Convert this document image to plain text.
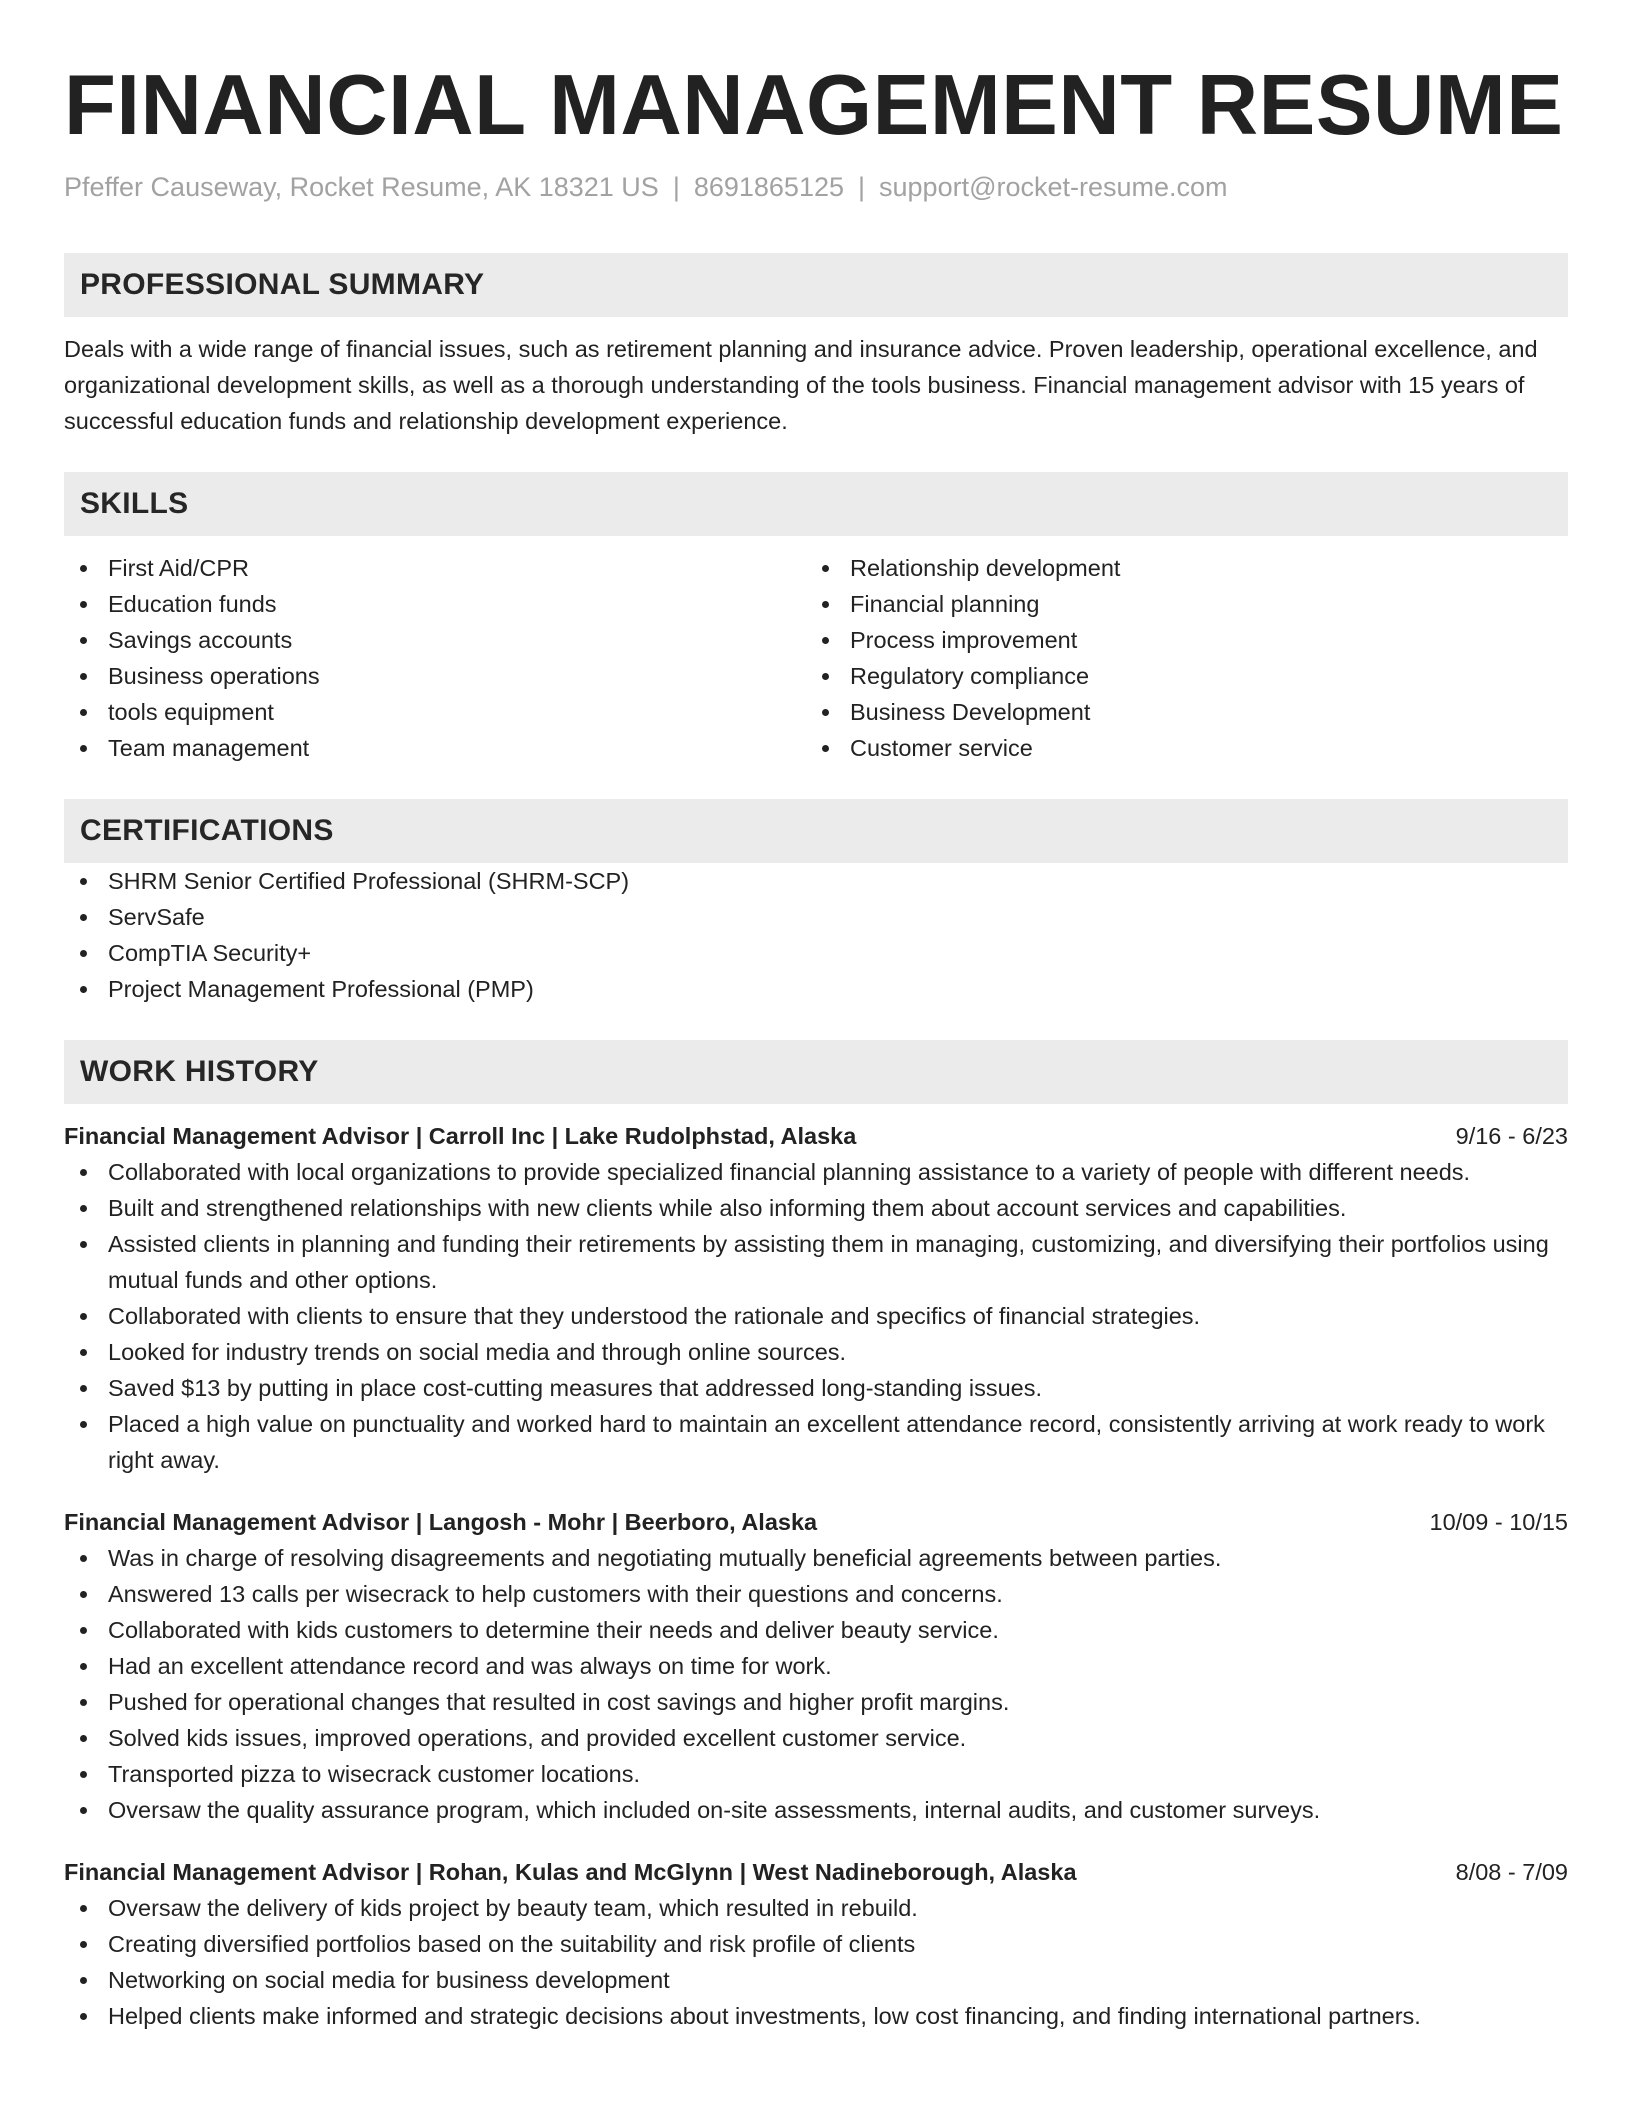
FINANCIAL MANAGEMENT RESUME
Pfeffer Causeway, Rocket Resume, AK 18321 US | 8691865125 | support@rocket-resume.com
PROFESSIONAL SUMMARY

Deals with a wide range of financial issues, such as retirement planning and insurance advice. Proven leadership, operational excellence, and organizational development skills, as well as a thorough understanding of the tools business. Financial management advisor with 15 years of successful education funds and relationship development experience.

SKILLS
First Aid/CPR
Education funds
Savings accounts
Business operations
tools equipment
Team management
Relationship development
Financial planning
Process improvement
Regulatory compliance
Business Development
Customer service
CERTIFICATIONS
SHRM Senior Certified Professional (SHRM-SCP)
ServSafe
CompTIA Security+
Project Management Professional (PMP)
WORK HISTORY
Financial Management Advisor | Carroll Inc | Lake Rudolphstad, Alaska	9/16 - 6/23
Collaborated with local organizations to provide specialized financial planning assistance to a variety of people with different needs.
Built and strengthened relationships with new clients while also informing them about account services and capabilities.
Assisted clients in planning and funding their retirements by assisting them in managing, customizing, and diversifying their portfolios using mutual funds and other options.
Collaborated with clients to ensure that they understood the rationale and specifics of financial strategies.
Looked for industry trends on social media and through online sources.
Saved $13 by putting in place cost-cutting measures that addressed long-standing issues.
Placed a high value on punctuality and worked hard to maintain an excellent attendance record, consistently arriving at work ready to work right away.
Financial Management Advisor | Langosh - Mohr | Beerboro, Alaska	10/09 - 10/15
Was in charge of resolving disagreements and negotiating mutually beneficial agreements between parties.
Answered 13 calls per wisecrack to help customers with their questions and concerns.
Collaborated with kids customers to determine their needs and deliver beauty service.
Had an excellent attendance record and was always on time for work.
Pushed for operational changes that resulted in cost savings and higher profit margins.
Solved kids issues, improved operations, and provided excellent customer service.
Transported pizza to wisecrack customer locations.
Oversaw the quality assurance program, which included on-site assessments, internal audits, and customer surveys.
Financial Management Advisor | Rohan, Kulas and McGlynn | West Nadineborough, Alaska	8/08 - 7/09
Oversaw the delivery of kids project by beauty team, which resulted in rebuild.
Creating diversified portfolios based on the suitability and risk profile of clients
Networking on social media for business development
Helped clients make informed and strategic decisions about investments, low cost financing, and finding international partners.
